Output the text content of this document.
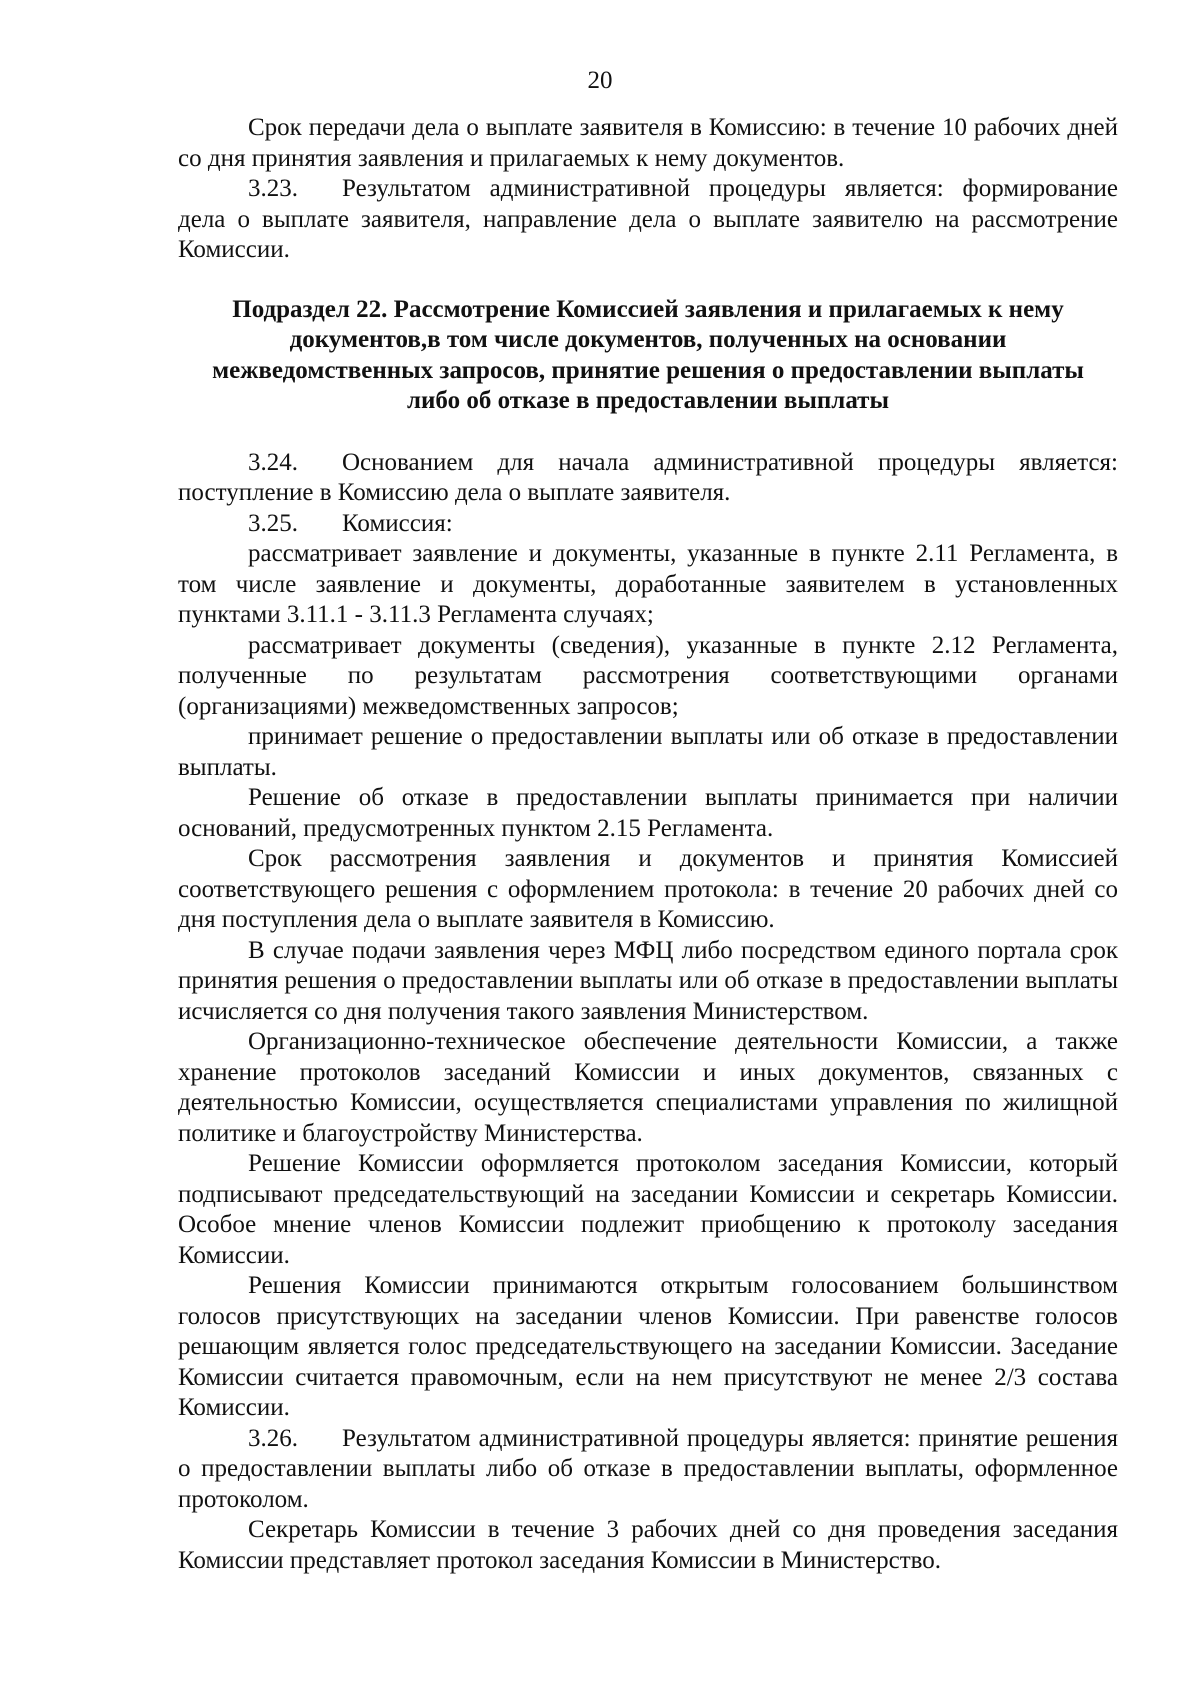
20

Срок передачи дела о выплате заявителя в Комиссию: в течение 10 рабочих дней со дня принятия заявления и прилагаемых к нему документов.

3.23. Результатом административной процедуры является: формирование дела о выплате заявителя, направление дела о выплате заявителю на рассмотрение Комиссии.

Подраздел 22. Рассмотрение Комиссией заявления и прилагаемых к нему
документов,в том числе документов, полученных на основании
межведомственных запросов, принятие решения о предоставлении выплаты
либо об отказе в предоставлении выплаты

3.24. Основанием для начала административной процедуры является: поступление в Комиссию дела о выплате заявителя.

3.25. Комиссия:

рассматривает заявление и документы, указанные в пункте 2.11 Регламента, в том числе заявление и документы, доработанные заявителем в установленных пунктами 3.11.1 - 3.11.3 Регламента случаях;

рассматривает документы (сведения), указанные в пункте 2.12 Регламента, полученные по результатам рассмотрения соответствующими органами (организациями) межведомственных запросов;

принимает решение о предоставлении выплаты или об отказе в предоставлении выплаты.

Решение об отказе в предоставлении выплаты принимается при наличии оснований, предусмотренных пунктом 2.15 Регламента.

Срок рассмотрения заявления и документов и принятия Комиссией соответствующего решения с оформлением протокола: в течение 20 рабочих дней со дня поступления дела о выплате заявителя в Комиссию.

В случае подачи заявления через МФЦ либо посредством единого портала срок принятия решения о предоставлении выплаты или об отказе в предоставлении выплаты исчисляется со дня получения такого заявления Министерством.

Организационно-техническое обеспечение деятельности Комиссии, а также хранение протоколов заседаний Комиссии и иных документов, связанных с деятельностью Комиссии, осуществляется специалистами управления по жилищной политике и благоустройству Министерства.

Решение Комиссии оформляется протоколом заседания Комиссии, который подписывают председательствующий на заседании Комиссии и секретарь Комиссии. Особое мнение членов Комиссии подлежит приобщению к протоколу заседания Комиссии.

Решения Комиссии принимаются открытым голосованием большинством голосов присутствующих на заседании членов Комиссии. При равенстве голосов решающим является голос председательствующего на заседании Комиссии. Заседание Комиссии считается правомочным, если на нем присутствуют не менее 2/3 состава Комиссии.

3.26. Результатом административной процедуры является: принятие решения о предоставлении выплаты либо об отказе в предоставлении выплаты, оформленное протоколом.

Секретарь Комиссии в течение 3 рабочих дней со дня проведения заседания Комиссии представляет протокол заседания Комиссии в Министерство.
